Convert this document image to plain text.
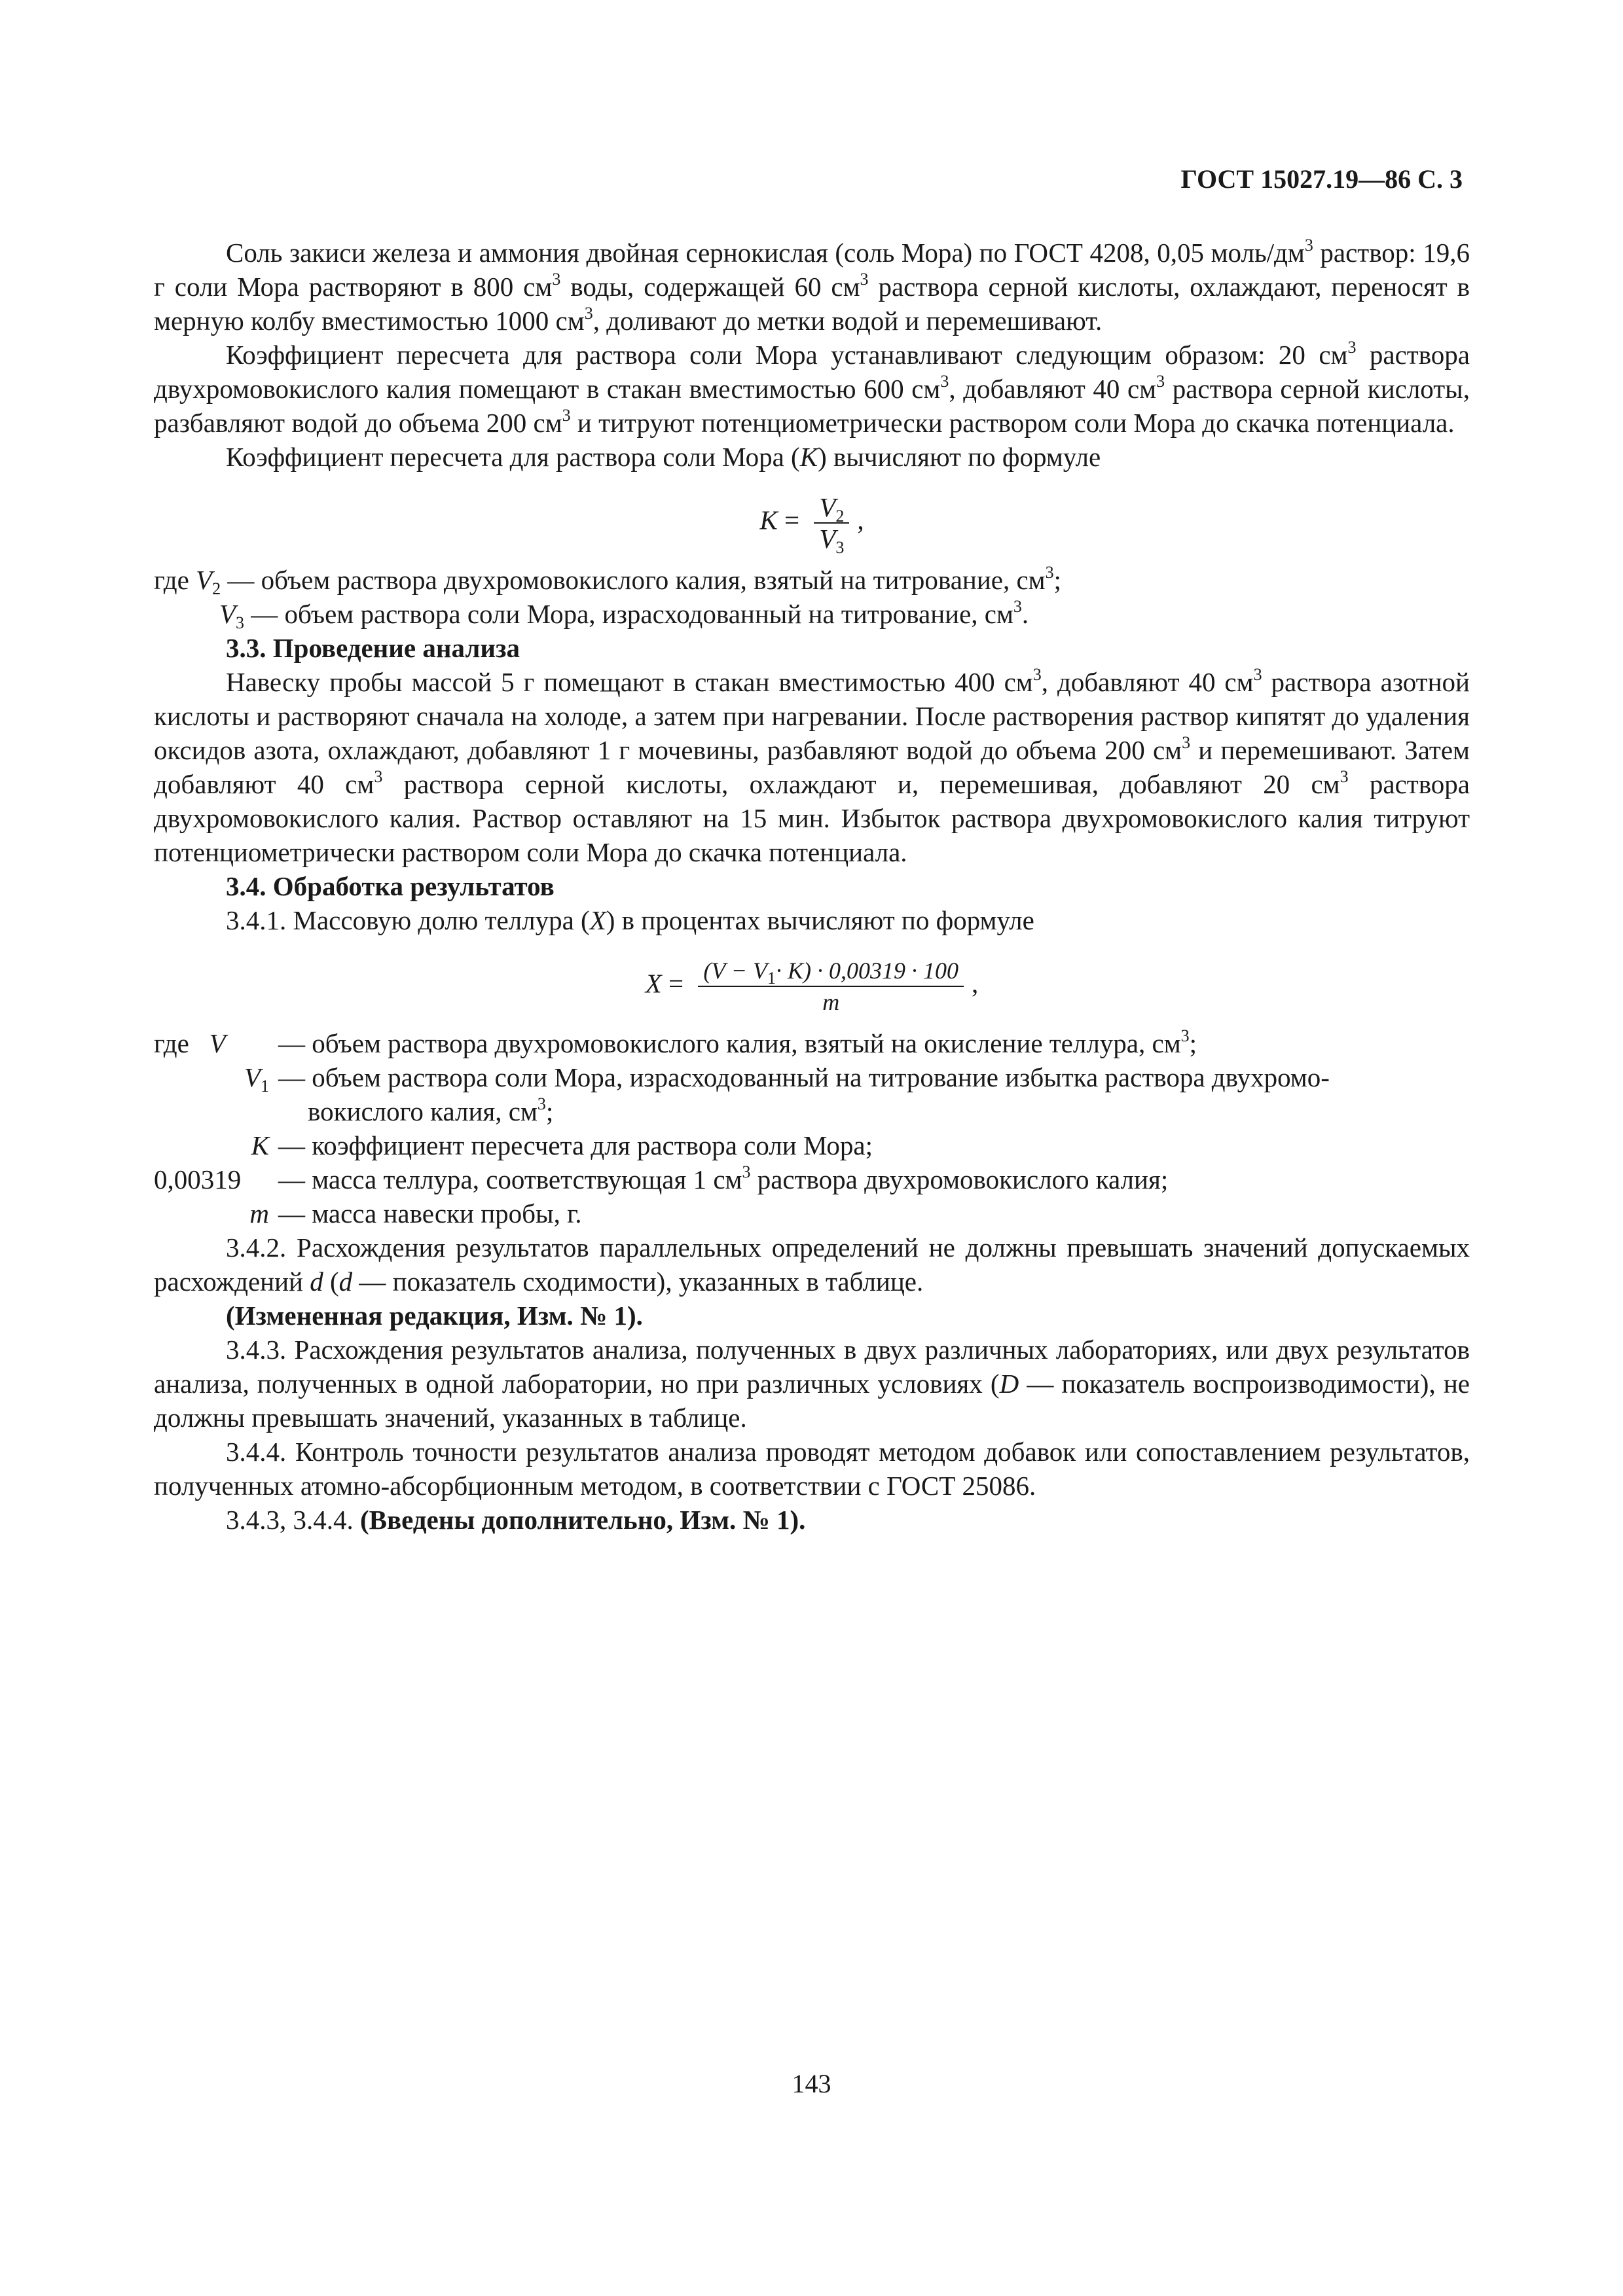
ГОСТ 15027.19—86 С. 3

Соль закиси железа и аммония двойная сернокислая (соль Мора) по ГОСТ 4208, 0,05 моль/$дм^3$ раствор: 19,6 г соли Мора растворяют в 800 $см^3$ воды, содержащей 60 $см^3$ раствора серной кислоты, охлаждают, переносят в мерную колбу вместимостью 1000 $см^3$, доливают до метки водой и перемешивают.

Коэффициент пересчета для раствора соли Мора устанавливают следующим образом: 20 $см^3$ раствора двухромовокислого калия помещают в стакан вместимостью 600 $см^3$, добавляют 40 $см^3$ раствора серной кислоты, разбавляют водой до объема 200 $см^3$ и титруют потенциометрически раствором соли Мора до скачка потенциала.

Коэффициент пересчета для раствора соли Мора (K) вычисляют по формуле

$K = \frac{V_2}{V_3}$ ,

где $V_2$ — объем раствора двухромовокислого калия, взятый на титрование, $см^3$;

$V_3$ — объем раствора соли Мора, израсходованный на титрование, $см^3$.

3.3. Проведение анализа

Навеску пробы массой 5 г помещают в стакан вместимостью 400 $см^3$, добавляют 40 $см^3$ раствора азотной кислоты и растворяют сначала на холоде, а затем при нагревании. После растворения раствор кипятят до удаления оксидов азота, охлаждают, добавляют 1 г мочевины, разбавляют водой до объема 200 $см^3$ и перемешивают. Затем добавляют 40 $см^3$ раствора серной кислоты, охлаждают и, перемешивая, добавляют 20 $см^3$ раствора двухромовокислого калия. Раствор оставляют на 15 мин. Избыток раствора двухромовокислого калия титруют потенциометрически раствором соли Мора до скачка потенциала.

3.4. Обработка результатов

3.4.1. Массовую долю теллура (X) в процентах вычисляют по формуле

$X = \frac{(V - V_1\cdot K) \cdot 0,00319 \cdot 100}{m}$ ,
где V	— объем раствора двухромовокислого калия, взятый на окисление теллура, $см^3$;
$V_1$ — объем раствора соли Мора, израсходованный на титрование избытка раствора двухромо-
вокислого калия, $см^3$;
K — коэффициент пересчета для раствора соли Мора;
0,00319	— масса теллура, соответствующая 1 $см^3$ раствора двухромовокислого калия;
m — масса навески пробы, г.

3.4.2. Расхождения результатов параллельных определений не должны превышать значений допускаемых расхождений d (d — показатель сходимости), указанных в таблице.

(Измененная редакция, Изм. № 1).

3.4.3. Расхождения результатов анализа, полученных в двух различных лабораториях, или двух результатов анализа, полученных в одной лаборатории, но при различных условиях (D — показатель воспроизводимости), не должны превышать значений, указанных в таблице.

3.4.4. Контроль точности результатов анализа проводят методом добавок или сопоставлением результатов, полученных атомно-абсорбционным методом, в соответствии с ГОСТ 25086.

3.4.3, 3.4.4. (Введены дополнительно, Изм. № 1).

143
